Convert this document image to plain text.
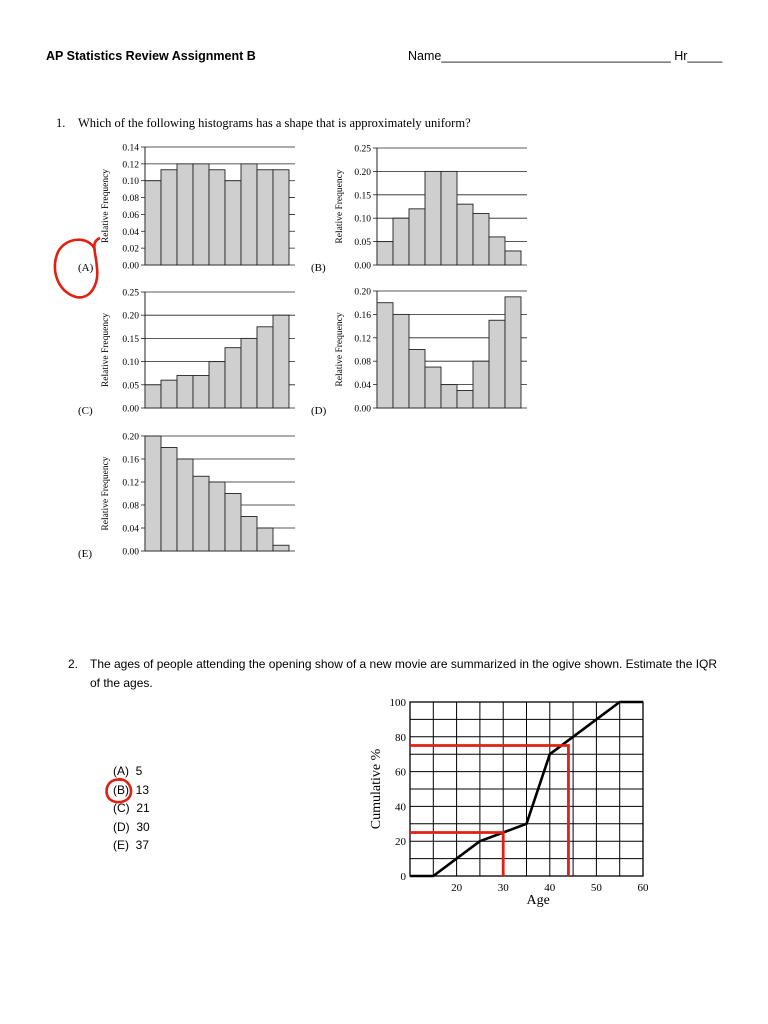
AP Statistics Review Assignment B	Name_________________________________ Hr_____
1. Which of the following histograms has a shape that is approximately uniform?
0.00
0.02
0.04
0.06
0.08
0.10
0.12
0.14
Relative Frequency
(A)	0.00
0.05
0.10
0.15
0.20
0.25
Relative Frequency
(B)
0.00
0.05
0.10
0.15
0.20
0.25
Relative Frequency
(C)	0.00
0.04
0.08
0.12
0.16
0.20
Relative Frequency
(D)
0.00
0.04
0.08
0.12
0.16
0.20
Relative Frequency
(E)
2. The ages of people attending the opening show of a new movie are summarized in the ogive shown. Estimate the IQR of the ages.
(A)  5
(B)  13
(C)  21
(D)  30
(E)  37
20	30	40	50	60
0
20
40
60
80
100
Age
Cumulative %
